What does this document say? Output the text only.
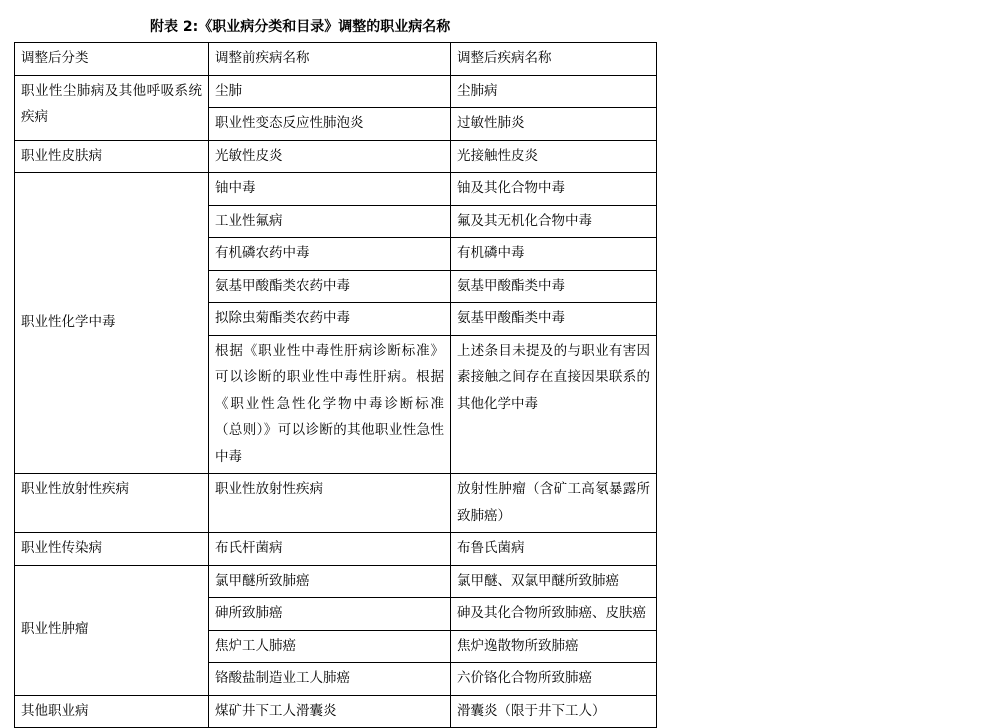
附表 2:《职业病分类和目录》调整的职业病名称
调整后分类	调整前疾病名称	调整后疾病名称
职业性尘肺病及其他呼吸系统疾病	尘肺	尘肺病
	职业性变态反应性肺泡炎	过敏性肺炎
职业性皮肤病	光敏性皮炎	光接触性皮炎
职业性化学中毒	铀中毒	铀及其化合物中毒
	工业性氟病	氟及其无机化合物中毒
	有机磷农药中毒	有机磷中毒
	氨基甲酸酯类农药中毒	氨基甲酸酯类中毒
	拟除虫菊酯类农药中毒	氨基甲酸酯类中毒
	根据《职业性中毒性肝病诊断标准》可以诊断的职业性中毒性肝病。根据《职业性急性化学物中毒诊断标准（总则）》可以诊断的其他职业性急性中毒	上述条目未提及的与职业有害因素接触之间存在直接因果联系的其他化学中毒
职业性放射性疾病	职业性放射性疾病	放射性肿瘤（含矿工高氡暴露所致肺癌）
职业性传染病	布氏杆菌病	布鲁氏菌病
职业性肿瘤	氯甲醚所致肺癌	氯甲醚、双氯甲醚所致肺癌
	砷所致肺癌	砷及其化合物所致肺癌、皮肤癌
	焦炉工人肺癌	焦炉逸散物所致肺癌
	铬酸盐制造业工人肺癌	六价铬化合物所致肺癌
其他职业病	煤矿井下工人滑囊炎	滑囊炎（限于井下工人）
